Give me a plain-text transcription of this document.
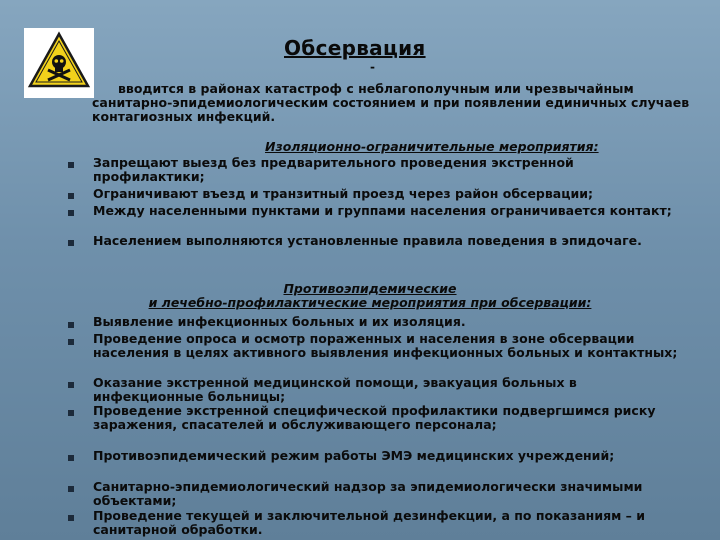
Обсервация
-
вводится в районах катастроф с неблагополучным или чрезвычайным санитарно-эпидемиологическим состоянием и при появлении единичных случаев контагиозных инфекций.
Изоляционно-ограничительные мероприятия:
Запрещают выезд без предварительного проведения экстренной профилактики;
Ограничивают въезд и транзитный проезд через район обсервации;
Между населенными пунктами и группами населения ограничивается контакт;
Населением выполняются установленные правила поведения в эпидочаге.
Противоэпидемические
и лечебно-профилактические мероприятия при обсервации:
Выявление инфекционных больных и их изоляция.
Проведение опроса и осмотр пораженных и населения в зоне обсервации населения в целях активного выявления инфекционных больных и контактных;
Оказание экстренной медицинской помощи, эвакуация больных в инфекционные больницы;
Проведение экстренной специфической профилактики подвергшимся риску заражения, спасателей и обслуживающего персонала;
Противоэпидемический режим работы ЭМЭ медицинских учреждений;
Санитарно-эпидемиологический надзор за эпидемиологически значимыми объектами;
Проведение текущей и заключительной дезинфекции, а по показаниям – и санитарной обработки.
